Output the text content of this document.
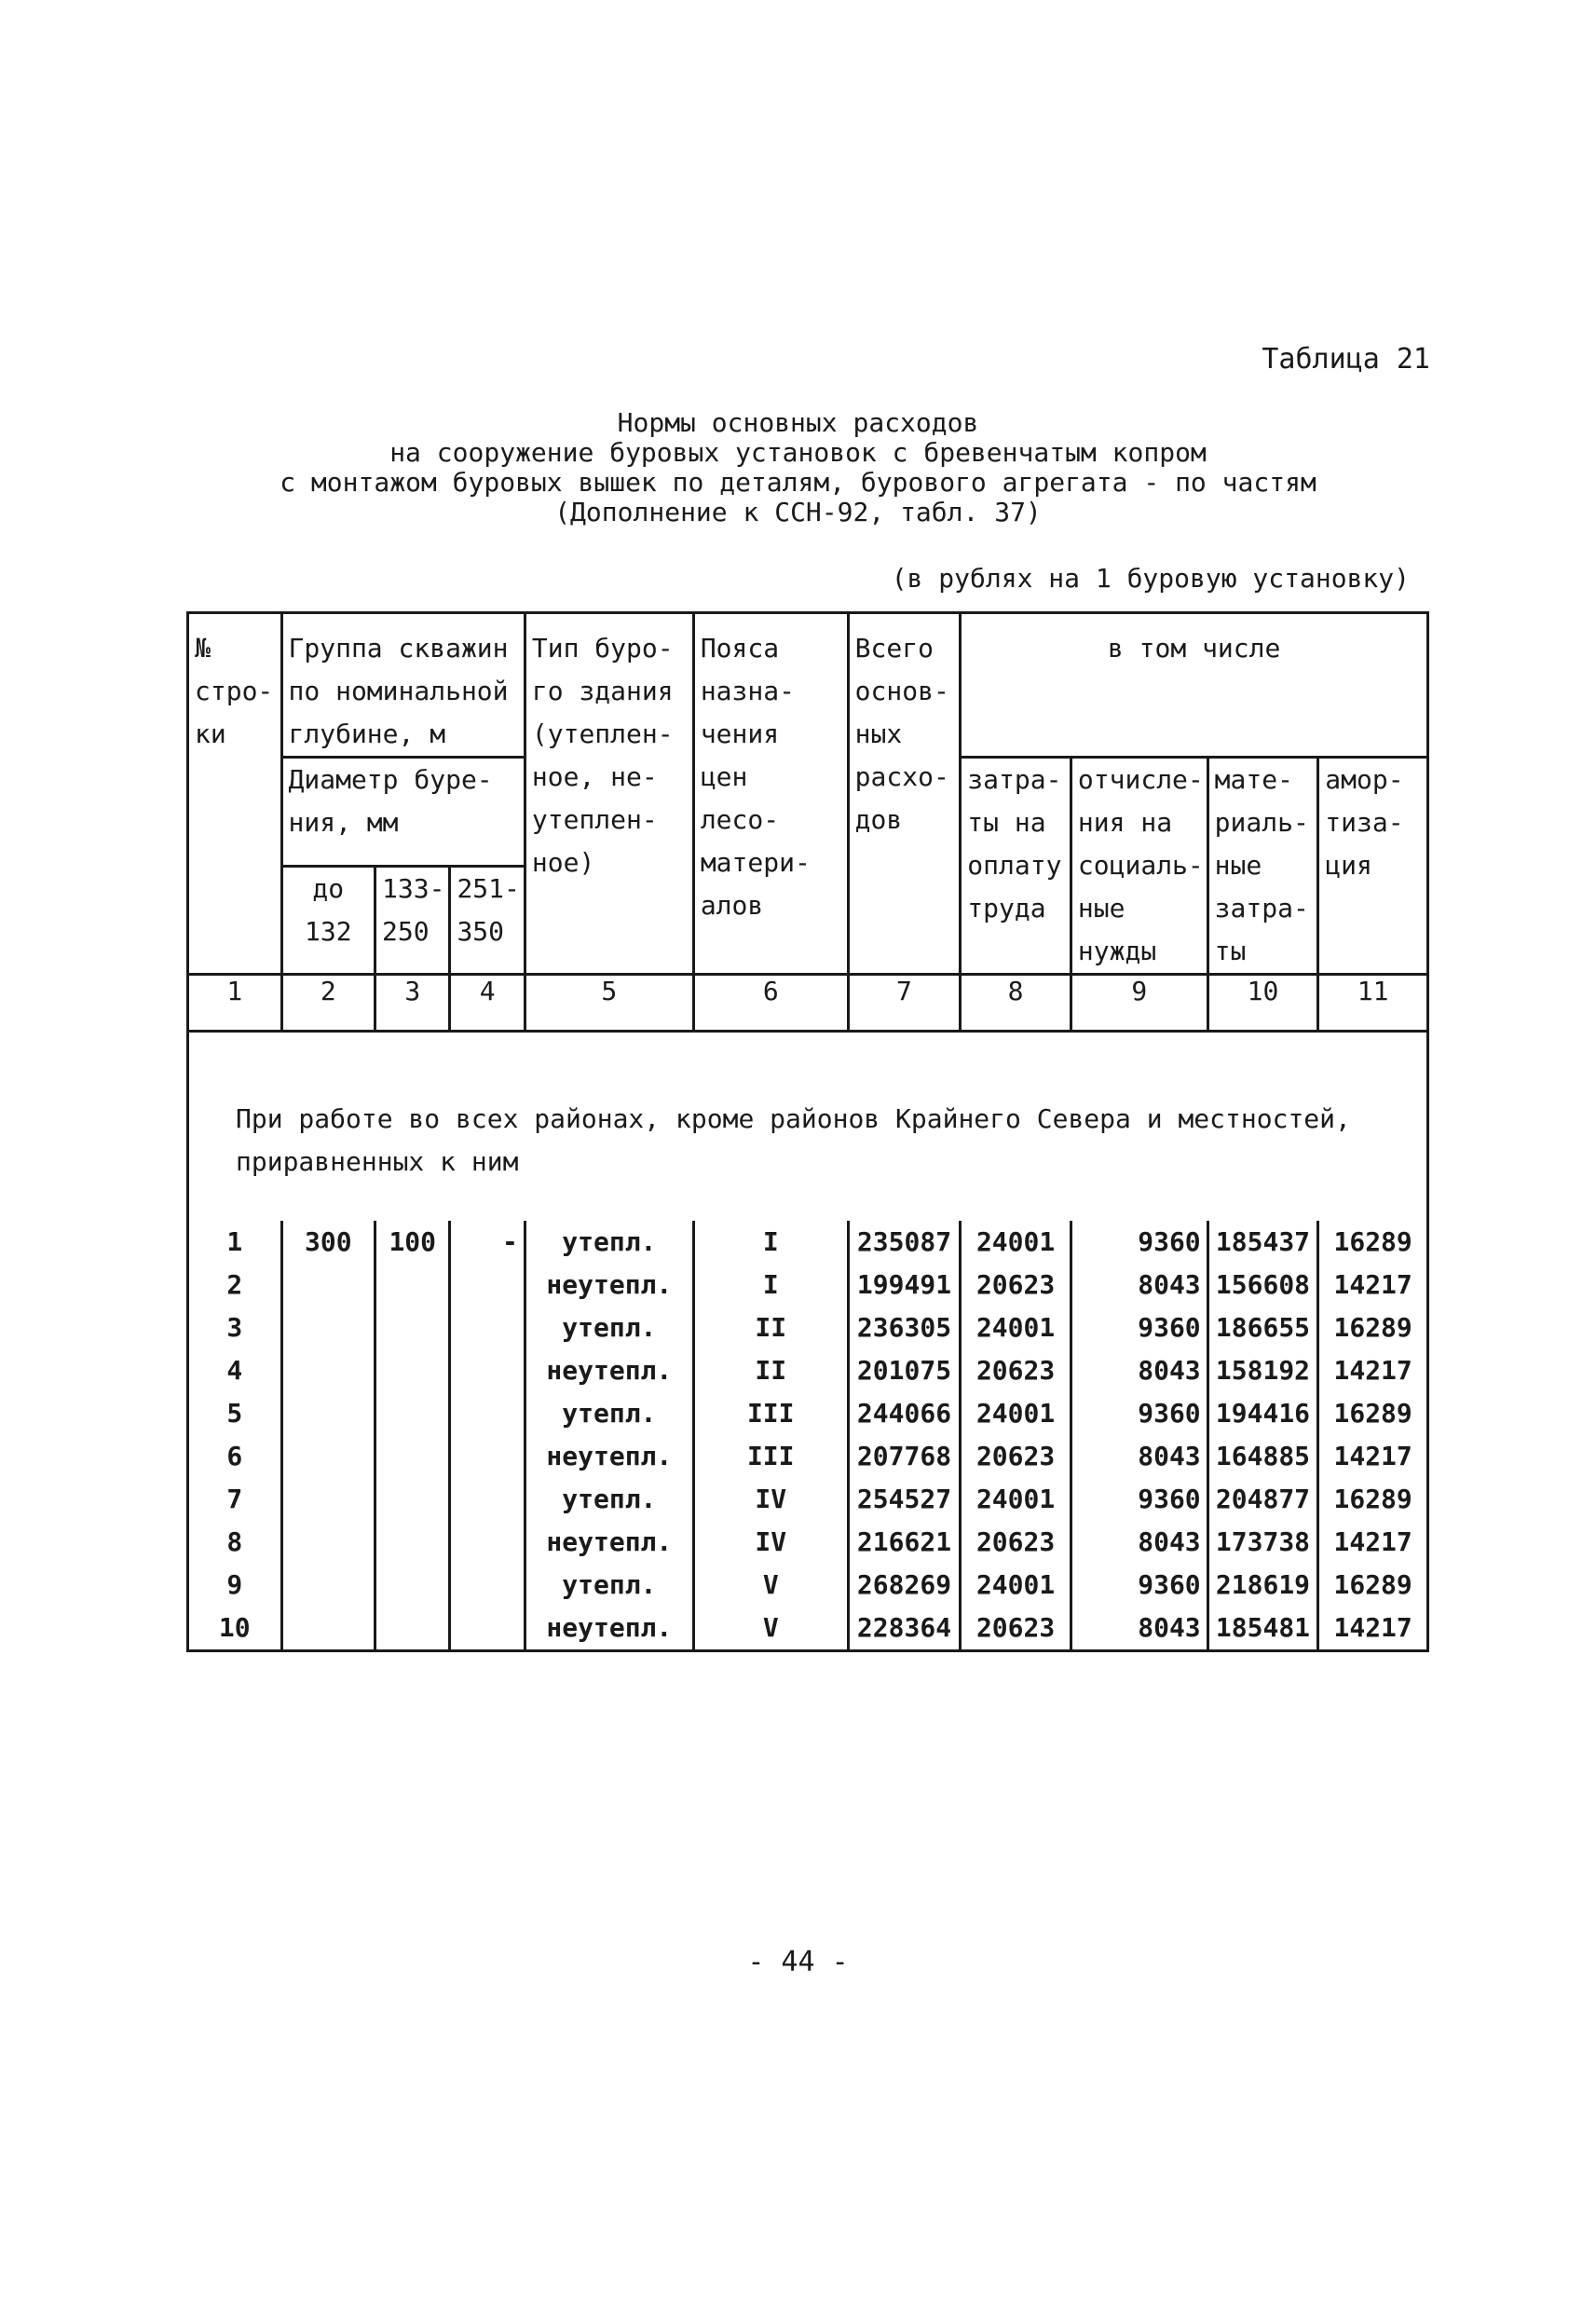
Таблица 21
Нормы основных расходов
на сооружение буровых установок с бревенчатым копром
с монтажом буровых вышек по деталям, бурового агрегата - по частям
(Дополнение к ССН-92, табл. 37)
(в рублях на 1 буровую установку)
№ стро- ки	Группа скважин по номинальной глубине, м			Тип буро- го здания (утеплен- ное, не- утеплен- ное)	Пояса назна- чения цен лесо- матери- алов	Всего основ- ных расхо- дов	в том числе			
	Диаметр буре- ния, мм						затра- ты на оплату труда	отчисле- ния на социаль- ные нужды	мате- риаль- ные затра- ты	амор- тиза- ция
	до 132	133- 250	251- 350							
1	2	3	4	5	6	7	8	9	10	11
При работе во всех районах, кроме районов Крайнего Севера и местностей, приравненных к ним										
1	300	100	-	утепл.	I	235087	24001	9360	185437	16289
2				неутепл.	I	199491	20623	8043	156608	14217
3				утепл.	II	236305	24001	9360	186655	16289
4				неутепл.	II	201075	20623	8043	158192	14217
5				утепл.	III	244066	24001	9360	194416	16289
6				неутепл.	III	207768	20623	8043	164885	14217
7				утепл.	IV	254527	24001	9360	204877	16289
8				неутепл.	IV	216621	20623	8043	173738	14217
9				утепл.	V	268269	24001	9360	218619	16289
10				неутепл.	V	228364	20623	8043	185481	14217
- 44 -
